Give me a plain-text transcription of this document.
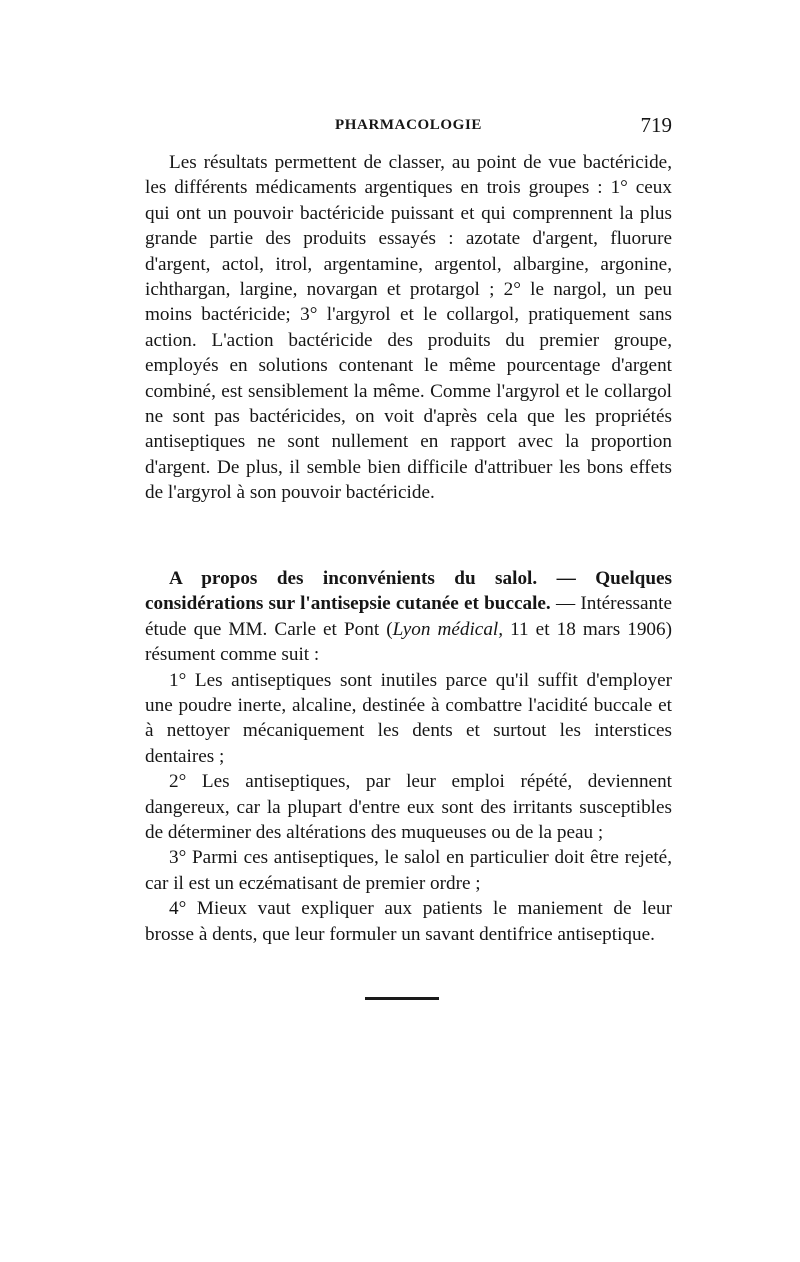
PHARMACOLOGIE	719

Les résultats permettent de classer, au point de vue bactéricide, les différents médicaments argentiques en trois groupes : 1° ceux qui ont un pouvoir bactéricide puissant et qui comprennent la plus grande partie des produits essayés : azotate d'argent, fluorure d'argent, actol, itrol, argentamine, argentol, albargine, argonine, ichthargan, largine, novargan et protargol ; 2° le nargol, un peu moins bactéricide; 3° l'argyrol et le collargol, pratiquement sans action. L'action bactéricide des produits du premier groupe, employés en solutions contenant le même pourcentage d'argent combiné, est sensiblement la même. Comme l'argyrol et le collargol ne sont pas bactéricides, on voit d'après cela que les propriétés antiseptiques ne sont nullement en rapport avec la proportion d'argent. De plus, il semble bien difficile d'attribuer les bons effets de l'argyrol à son pouvoir bactéricide.

A propos des inconvénients du salol. — Quelques considérations sur l'antisepsie cutanée et buccale. — Intéressante étude que MM. Carle et Pont (Lyon médical, 11 et 18 mars 1906) résument comme suit :

1° Les antiseptiques sont inutiles parce qu'il suffit d'employer une poudre inerte, alcaline, destinée à combattre l'acidité buccale et à nettoyer mécaniquement les dents et surtout les interstices dentaires ;

2° Les antiseptiques, par leur emploi répété, deviennent dangereux, car la plupart d'entre eux sont des irritants susceptibles de déterminer des altérations des muqueuses ou de la peau ;

3° Parmi ces antiseptiques, le salol en particulier doit être rejeté, car il est un eczématisant de premier ordre ;

4° Mieux vaut expliquer aux patients le maniement de leur brosse à dents, que leur formuler un savant dentifrice antiseptique.
